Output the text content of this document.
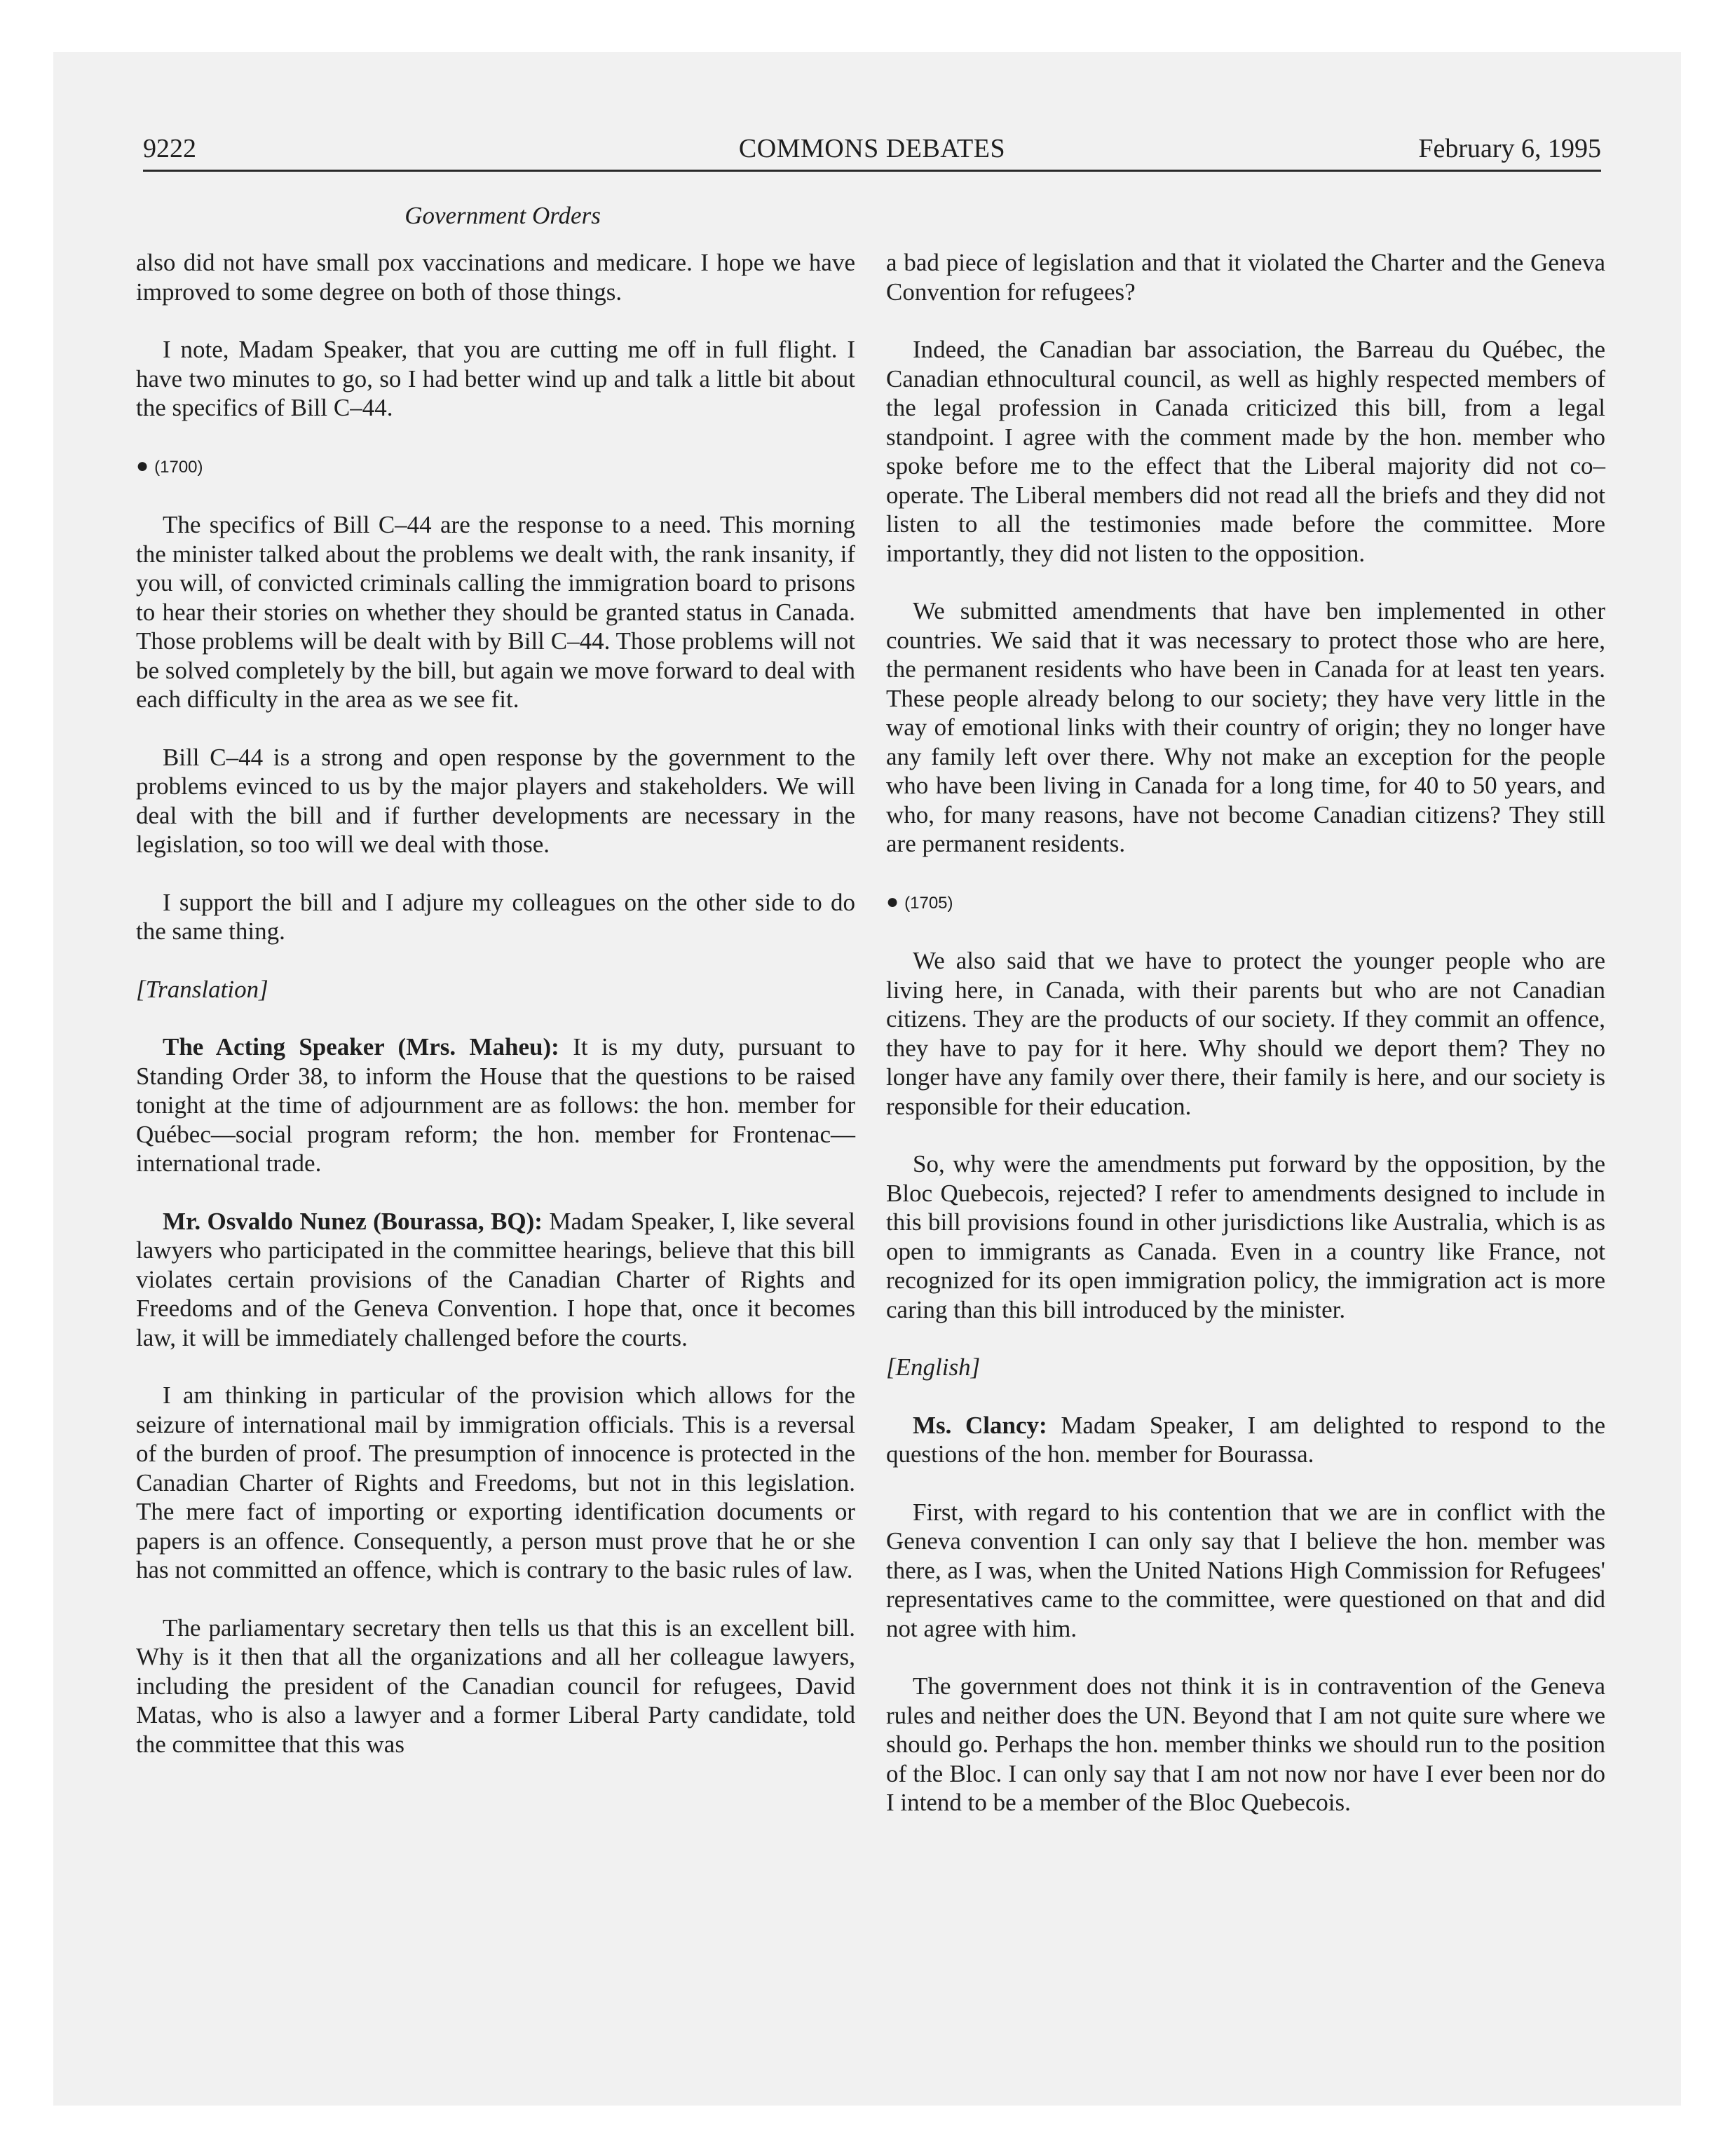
9222	COMMONS DEBATES	February 6, 1995
Government Orders

also did not have small pox vaccinations and medicare. I hope we have improved to some degree on both of those things.

I note, Madam Speaker, that you are cutting me off in full flight. I have two minutes to go, so I had better wind up and talk a little bit about the specifics of Bill C–44.

● (1700)

The specifics of Bill C–44 are the response to a need. This morning the minister talked about the problems we dealt with, the rank insanity, if you will, of convicted criminals calling the immigration board to prisons to hear their stories on whether they should be granted status in Canada. Those problems will be dealt with by Bill C–44. Those problems will not be solved completely by the bill, but again we move forward to deal with each difficulty in the area as we see fit.

Bill C–44 is a strong and open response by the government to the problems evinced to us by the major players and stakeholders. We will deal with the bill and if further developments are necessary in the legislation, so too will we deal with those.

I support the bill and I adjure my colleagues on the other side to do the same thing.

[Translation]

The Acting Speaker (Mrs. Maheu): It is my duty, pursuant to Standing Order 38, to inform the House that the questions to be raised tonight at the time of adjournment are as follows: the hon. member for Québec—social program reform; the hon. member for Frontenac—international trade.

Mr. Osvaldo Nunez (Bourassa, BQ): Madam Speaker, I, like several lawyers who participated in the committee hearings, believe that this bill violates certain provisions of the Canadian Charter of Rights and Freedoms and of the Geneva Convention. I hope that, once it becomes law, it will be immediately challenged before the courts.

I am thinking in particular of the provision which allows for the seizure of international mail by immigration officials. This is a reversal of the burden of proof. The presumption of innocence is protected in the Canadian Charter of Rights and Freedoms, but not in this legislation. The mere fact of importing or exporting identification documents or papers is an offence. Consequently, a person must prove that he or she has not committed an offence, which is contrary to the basic rules of law.

The parliamentary secretary then tells us that this is an excellent bill. Why is it then that all the organizations and all her colleague lawyers, including the president of the Canadian council for refugees, David Matas, who is also a lawyer and a former Liberal Party candidate, told the committee that this was

a bad piece of legislation and that it violated the Charter and the Geneva Convention for refugees?

Indeed, the Canadian bar association, the Barreau du Québec, the Canadian ethnocultural council, as well as highly respected members of the legal profession in Canada criticized this bill, from a legal standpoint. I agree with the comment made by the hon. member who spoke before me to the effect that the Liberal majority did not co–operate. The Liberal members did not read all the briefs and they did not listen to all the testimonies made before the committee. More importantly, they did not listen to the opposition.

We submitted amendments that have ben implemented in other countries. We said that it was necessary to protect those who are here, the permanent residents who have been in Canada for at least ten years. These people already belong to our society; they have very little in the way of emotional links with their country of origin; they no longer have any family left over there. Why not make an exception for the people who have been living in Canada for a long time, for 40 to 50 years, and who, for many reasons, have not become Canadian citizens? They still are permanent residents.

● (1705)

We also said that we have to protect the younger people who are living here, in Canada, with their parents but who are not Canadian citizens. They are the products of our society. If they commit an offence, they have to pay for it here. Why should we deport them? They no longer have any family over there, their family is here, and our society is responsible for their education.

So, why were the amendments put forward by the opposition, by the Bloc Quebecois, rejected? I refer to amendments designed to include in this bill provisions found in other jurisdictions like Australia, which is as open to immigrants as Canada. Even in a country like France, not recognized for its open immigration policy, the immigration act is more caring than this bill introduced by the minister.

[English]

Ms. Clancy: Madam Speaker, I am delighted to respond to the questions of the hon. member for Bourassa.

First, with regard to his contention that we are in conflict with the Geneva convention I can only say that I believe the hon. member was there, as I was, when the United Nations High Commission for Refugees' representatives came to the committee, were questioned on that and did not agree with him.

The government does not think it is in contravention of the Geneva rules and neither does the UN. Beyond that I am not quite sure where we should go. Perhaps the hon. member thinks we should run to the position of the Bloc. I can only say that I am not now nor have I ever been nor do I intend to be a member of the Bloc Quebecois.
